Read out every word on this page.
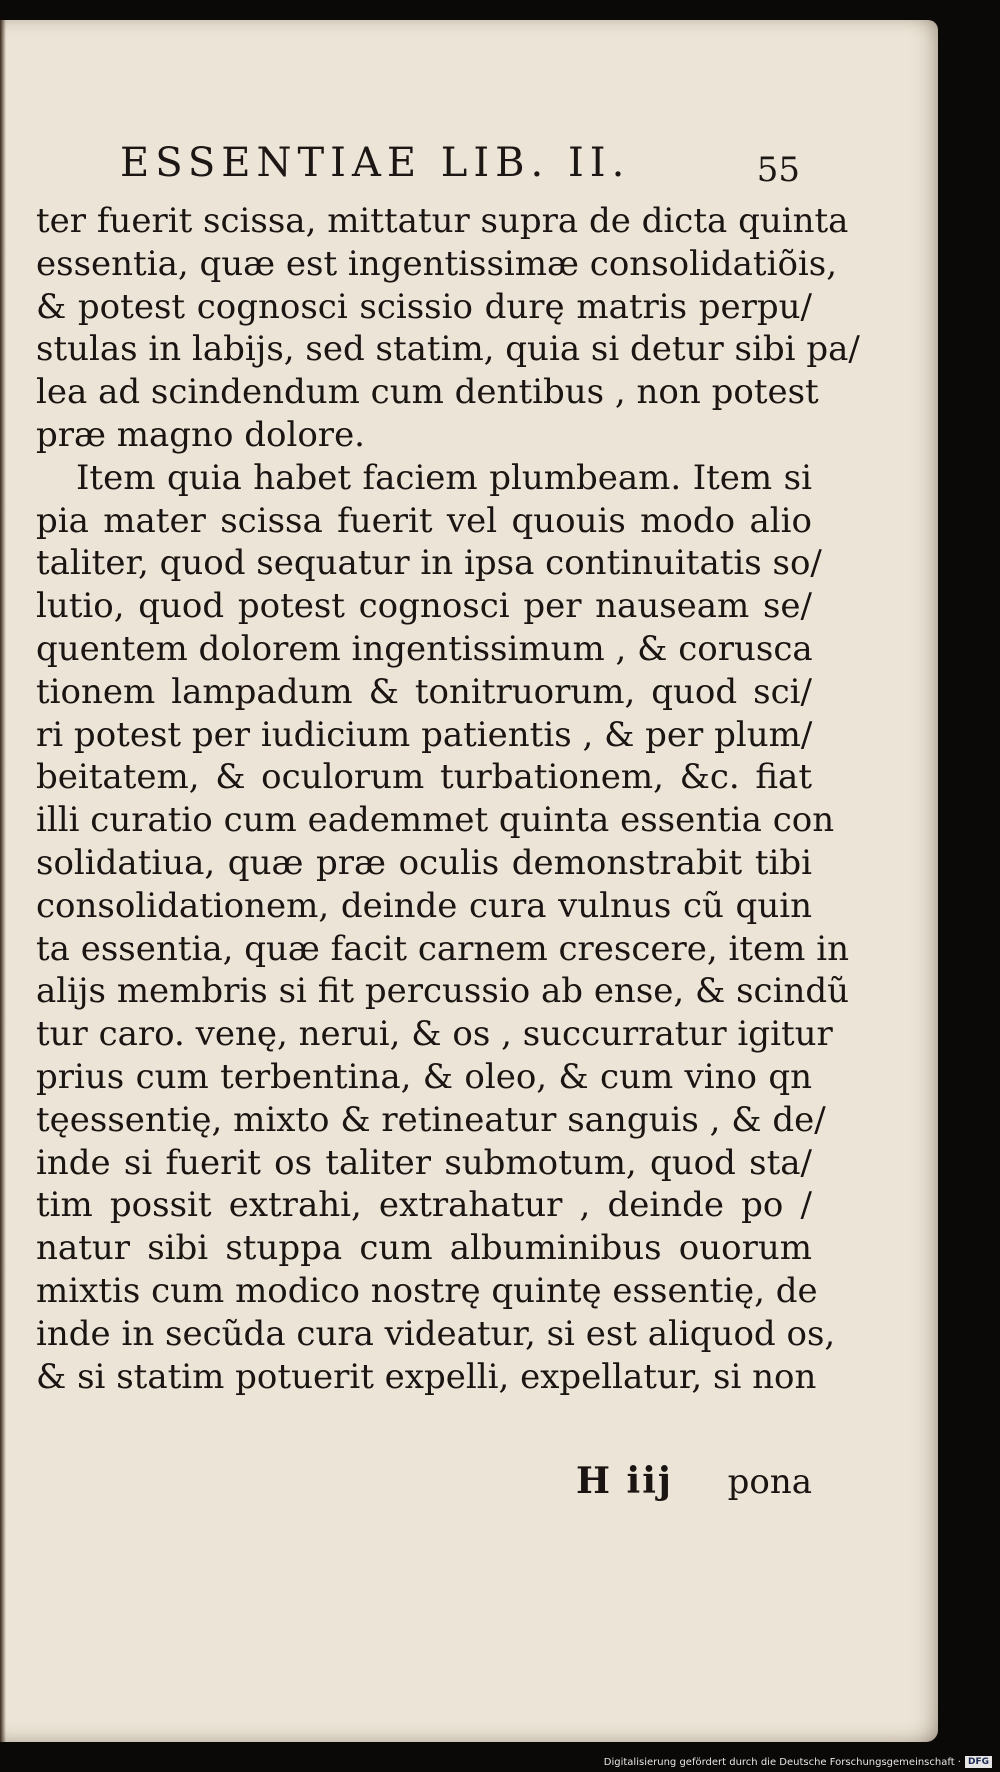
ESSENTIAE LIB. II.	55
ter fuerit scissa, mittatur supra de dicta quinta
essentia, quæ est ingentissimæ consolidatiõis,
& potest cognosci scissio durę matris perpu/
stulas in labijs, sed statim, quia si detur sibi pa/
lea ad scindendum cum dentibus , non potest
præ magno dolore.
Item quia habet faciem plumbeam. Item si
pia mater scissa fuerit vel quouis modo alio
taliter, quod sequatur in ipsa continuitatis so/
lutio, quod potest cognosci per nauseam se/
quentem dolorem ingentissimum , & corusca
tionem lampadum & tonitruorum, quod sci/
ri potest per iudicium patientis , & per plum/
beitatem, & oculorum turbationem, &c. fiat
illi curatio cum eademmet quinta essentia con
solidatiua, quæ præ oculis demonstrabit tibi
consolidationem, deinde cura vulnus cũ quin
ta essentia, quæ facit carnem crescere, item in
alijs membris si fit percussio ab ense, & scindũ
tur caro. venę, nerui, & os , succurratur igitur
prius cum terbentina, & oleo, & cum vino qn
tęessentię, mixto & retineatur sanguis , & de/
inde si fuerit os taliter submotum, quod sta/
tim possit extrahi, extrahatur , deinde po /
natur sibi stuppa cum albuminibus ouorum
mixtis cum modico nostrę quintę essentię, de
inde in secũda cura videatur, si est aliquod os,
& si statim potuerit expelli, expellatur, si non
H iij pona
Digitalisierung gefördert durch die Deutsche Forschungsgemeinschaft · DFG
